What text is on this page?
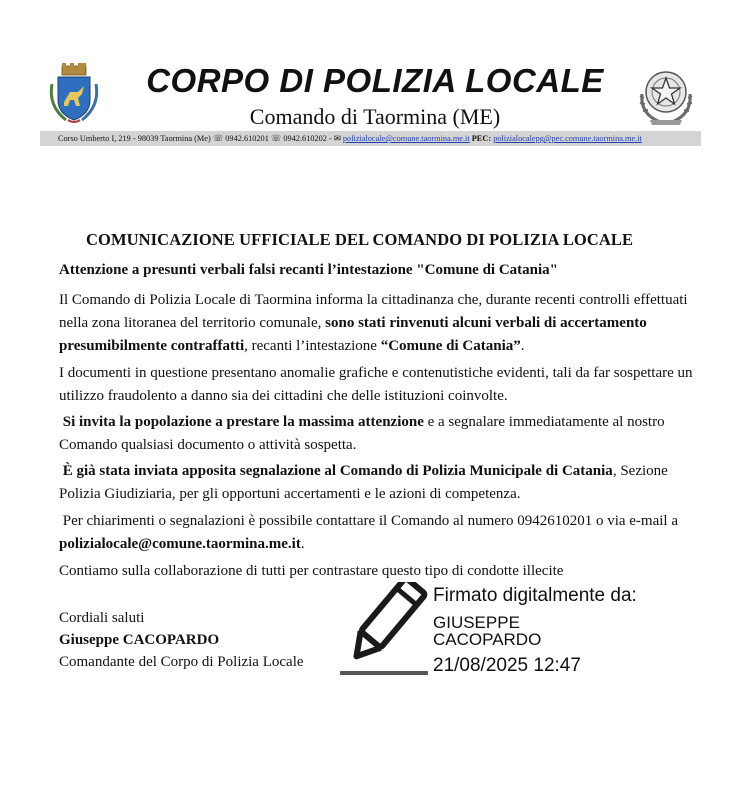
CORPO DI POLIZIA LOCALE
Comando di Taormina (ME)
Corso Umberto I, 219 - 98039 Taormina (Me) ☏ 0942.610201 ☏ 0942.610202 - ✉ polizialocale@comune.taormina.me.it PEC: polizialocalepg@pec.comune.taormina.me.it
COMUNICAZIONE UFFICIALE DEL COMANDO DI POLIZIA LOCALE
Attenzione a presunti verbali falsi recanti l’intestazione "Comune di Catania"
Il Comando di Polizia Locale di Taormina informa la cittadinanza che, durante recenti controlli effettuati nella zona litoranea del territorio comunale, sono stati rinvenuti alcuni verbali di accertamento presumibilmente contraffatti, recanti l’intestazione “Comune di Catania”.
I documenti in questione presentano anomalie grafiche e contenutistiche evidenti, tali da far sospettare un utilizzo fraudolento a danno sia dei cittadini che delle istituzioni coinvolte.
Si invita la popolazione a prestare la massima attenzione e a segnalare immediatamente al nostro Comando qualsiasi documento o attività sospetta.
È già stata inviata apposita segnalazione al Comando di Polizia Municipale di Catania, Sezione Polizia Giudiziaria, per gli opportuni accertamenti e le azioni di competenza.
Per chiarimenti o segnalazioni è possibile contattare il Comando al numero 0942610201 o via e-mail a polizialocale@comune.taormina.me.it.
Contiamo sulla collaborazione di tutti per contrastare questo tipo di condotte illecite
Cordiali saluti
Giuseppe CACOPARDO
Comandante del Corpo di Polizia Locale
Firmato digitalmente da:
GIUSEPPE
CACOPARDO
21/08/2025 12:47
